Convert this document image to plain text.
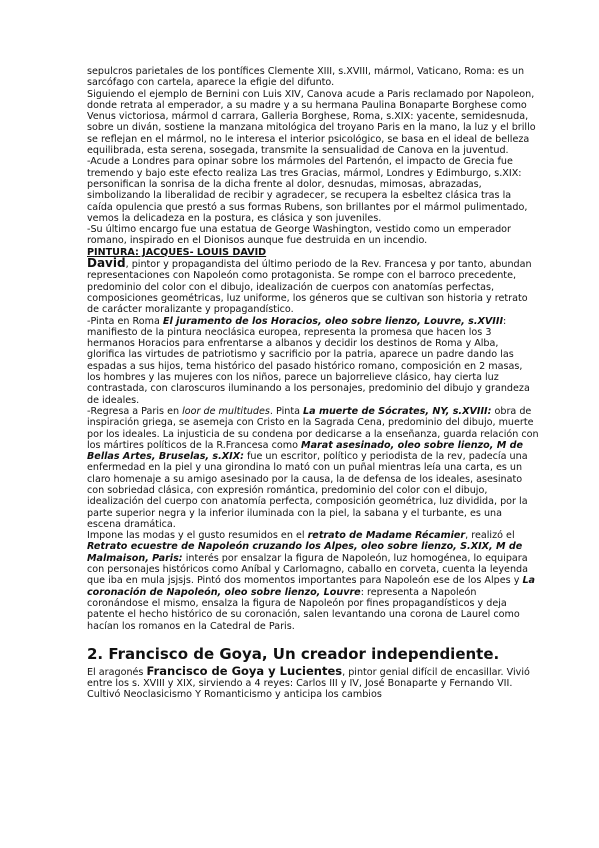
sepulcros parietales de los pontífices Clemente XIII, s.XVIII, mármol, Vaticano, Roma: es un sarcófago con cartela, aparece la efigie del difunto.

Siguiendo el ejemplo de Bernini con Luis XIV, Canova acude a Paris reclamado por Napoleon, donde retrata al emperador, a su madre y a su hermana Paulina Bonaparte Borghese como Venus victoriosa, mármol d carrara, Galleria Borghese, Roma, s.XIX: yacente, semidesnuda, sobre un diván, sostiene la manzana mitológica del troyano Paris en la mano, la luz y el brillo se reflejan en el mármol, no le interesa el interior psicológico, se basa en el ideal de belleza equilibrada, esta serena, sosegada, transmite la sensualidad de Canova en la juventud.

-Acude a Londres para opinar sobre los mármoles del Partenón, el impacto de Grecia fue tremendo y bajo este efecto realiza Las tres Gracias, mármol, Londres y Edimburgo, s.XIX: personifican la sonrisa de la dicha frente al dolor, desnudas, mimosas, abrazadas, simbolizando la liberalidad de recibir y agradecer, se recupera la esbeltez clásica tras la caída opulencia que prestó a sus formas Rubens, son brillantes por el mármol pulimentado, vemos la delicadeza en la postura, es clásica y son juveniles.

-Su último encargo fue una estatua de George Washington, vestido como un emperador romano, inspirado en el Dionisos aunque fue destruida en un incendio.

PINTURA: JACQUES- LOUIS DAVID

David, pintor y propagandista del último periodo de la Rev. Francesa y por tanto, abundan representaciones con Napoleón como protagonista. Se rompe con el barroco precedente, predominio del color con el dibujo, idealización de cuerpos con anatomías perfectas, composiciones geométricas, luz uniforme, los géneros que se cultivan son historia y retrato de carácter moralizante y propagandístico.

-Pinta en Roma El juramento de los Horacios, oleo sobre lienzo, Louvre, s.XVIII: manifiesto de la pintura neoclásica europea, representa la promesa que hacen los 3 hermanos Horacios para enfrentarse a albanos y decidir los destinos de Roma y Alba, glorifica las virtudes de patriotismo y sacrificio por la patria, aparece un padre dando las espadas a sus hijos, tema histórico del pasado histórico romano, composición en 2 masas, los hombres y las mujeres con los niños, parece un bajorrelieve clásico, hay cierta luz contrastada, con claroscuros iluminando a los personajes, predominio del dibujo y grandeza de ideales.

-Regresa a Paris en loor de multitudes. Pinta La muerte de Sócrates, NY, s.XVIII: obra de inspiración griega, se asemeja con Cristo en la Sagrada Cena, predominio del dibujo, muerte por los ideales. La injusticia de su condena por dedicarse a la enseñanza, guarda relación con los mártires políticos de la R.Francesa como Marat asesinado, oleo sobre lienzo, M de Bellas Artes, Bruselas, s.XIX: fue un escritor, político y periodista de la rev, padecía una enfermedad en la piel y una girondina lo mató con un puñal mientras leía una carta, es un claro homenaje a su amigo asesinado por la causa, la de defensa de los ideales, asesinato con sobriedad clásica, con expresión romántica, predominio del color con el dibujo, idealización del cuerpo con anatomía perfecta, composición geométrica, luz dividida, por la parte superior negra y la inferior iluminada con la piel, la sabana y el turbante, es una escena dramática.

Impone las modas y el gusto resumidos en el retrato de Madame Récamier, realizó el Retrato ecuestre de Napoleón cruzando los Alpes, oleo sobre lienzo, S.XIX, M de Malmaison, Paris: interés por ensalzar la figura de Napoleón, luz homogénea, lo equipara con personajes históricos como Aníbal y Carlomagno, caballo en corveta, cuenta la leyenda que iba en mula jsjsjs. Pintó dos momentos importantes para Napoleón ese de los Alpes y La coronación de Napoleón, oleo sobre lienzo, Louvre: representa a Napoleón coronándose el mismo, ensalza la figura de Napoleón por fines propagandísticos y deja patente el hecho histórico de su coronación, salen levantando una corona de Laurel como hacían los romanos en la Catedral de Paris.

2. Francisco de Goya, Un creador independiente.

El aragonés Francisco de Goya y Lucientes, pintor genial difícil de encasillar. Vivió entre los s. XVIII y XIX, sirviendo a 4 reyes: Carlos III y IV, José Bonaparte y Fernando VII. Cultivó Neoclasicismo Y Romanticismo y anticipa los cambios
